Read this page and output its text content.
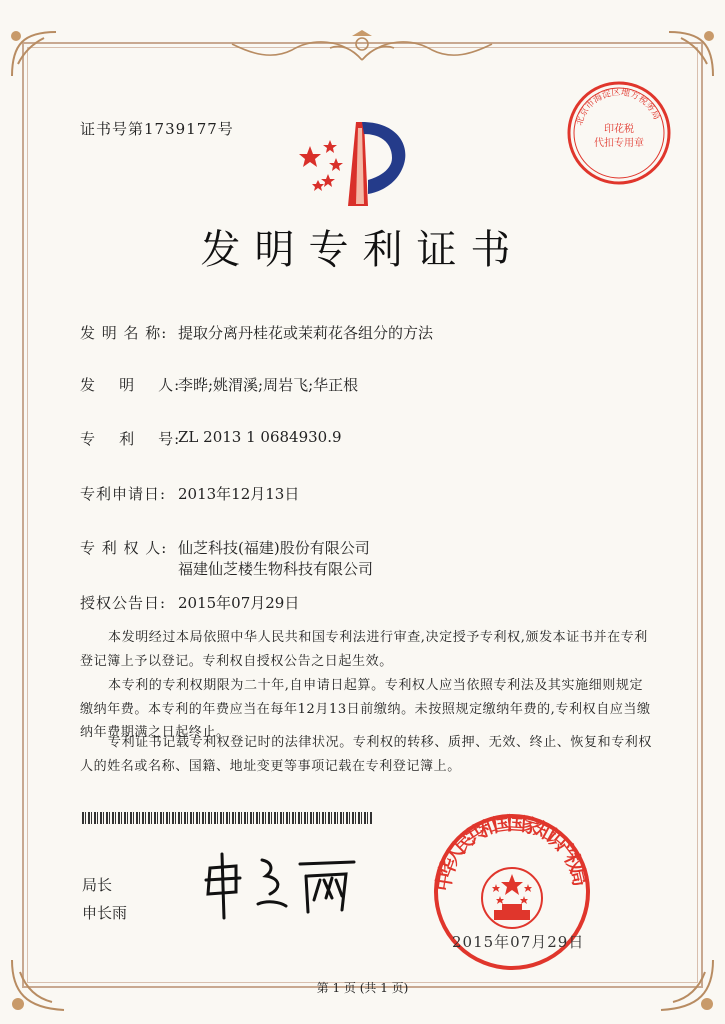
证书号第1739177号	北京市海淀区地方税务局
印花税
代扣专用章
发明专利证书
发 明 名 称: 提取分离丹桂花或茉莉花各组分的方法
发    明    人:
李晔;姚渭溪;周岩飞;华正根
专    利    号:
ZL 2013 1 0684930.9
专利申请日: 2013年12月13日
专 利 权 人: 仙芝科技(福建)股份有限公司
福建仙芝楼生物科技有限公司
授权公告日: 2015年07月29日
本发明经过本局依照中华人民共和国专利法进行审查,决定授予专利权,颁发本证书并在专利登记簿上予以登记。专利权自授权公告之日起生效。
本专利的专利权期限为二十年,自申请日起算。专利权人应当依照专利法及其实施细则规定缴纳年费。本专利的年费应当在每年12月13日前缴纳。未按照规定缴纳年费的,专利权自应当缴纳年费期满之日起终止。
专利证书记载专利权登记时的法律状况。专利权的转移、质押、无效、终止、恢复和专利权人的姓名或名称、国籍、地址变更等事项记载在专利登记簿上。
局长
申长雨
中华人民共和国国家知识产权局
2015年07月29日
第 1 页 (共 1 页)
